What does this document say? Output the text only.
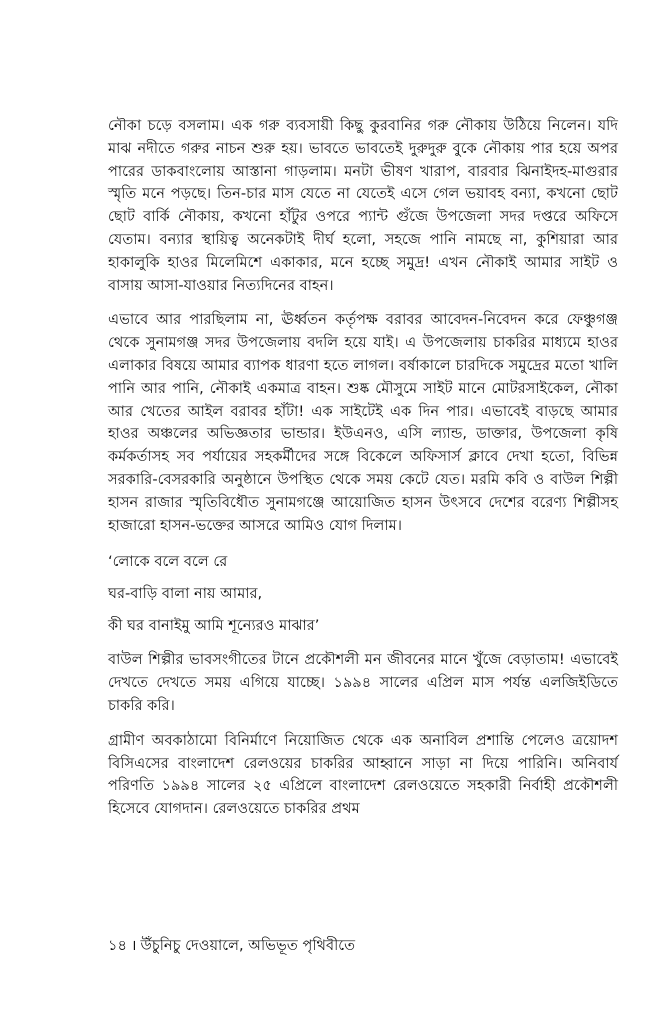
নৌকা চড়ে বসলাম। এক গরু ব্যবসায়ী কিছু কুরবানির গরু নৌকায় উঠিয়ে নিলেন। যদি মাঝ নদীতে গরুর নাচন শুরু হয়। ভাবতে ভাবতেই দুরুদুরু বুকে নৌকায় পার হয়ে অপর পারের ডাকবাংলোয় আস্তানা গাড়লাম। মনটা ভীষণ খারাপ, বারবার ঝিনাইদহ-মাগুরার স্মৃতি মনে পড়ছে। তিন-চার মাস যেতে না যেতেই এসে গেল ভয়াবহ বন্যা, কখনো ছোট ছোট বার্কি নৌকায়, কখনো হাঁটুর ওপরে প্যান্ট গুঁজে উপজেলা সদর দপ্তরে অফিসে যেতাম। বন্যার স্থায়িত্ব অনেকটাই দীর্ঘ হলো, সহজে পানি নামছে না, কুশিয়ারা আর হাকালুকি হাওর মিলেমিশে একাকার, মনে হচ্ছে সমুদ্র! এখন নৌকাই আমার সাইট ও বাসায় আসা-যাওয়ার নিত্যদিনের বাহন।

এভাবে আর পারছিলাম না, ঊর্ধ্বতন কর্তৃপক্ষ বরাবর আবেদন-নিবেদন করে ফেঞ্চুগঞ্জ থেকে সুনামগঞ্জ সদর উপজেলায় বদলি হয়ে যাই। এ উপজেলায় চাকরির মাধ্যমে হাওর এলাকার বিষয়ে আমার ব্যাপক ধারণা হতে লাগল। বর্ষাকালে চারদিকে সমুদ্রের মতো খালি পানি আর পানি, নৌকাই একমাত্র বাহন। শুষ্ক মৌসুমে সাইট মানে মোটরসাইকেল, নৌকা আর খেতের আইল বরাবর হাঁটা! এক সাইটেই এক দিন পার। এভাবেই বাড়ছে আমার হাওর অঞ্চলের অভিজ্ঞতার ভান্ডার। ইউএনও, এসি ল্যান্ড, ডাক্তার, উপজেলা কৃষি কর্মকর্তাসহ সব পর্যায়ের সহকর্মীদের সঙ্গে বিকেলে অফিসার্স ক্লাবে দেখা হতো, বিভিন্ন সরকারি-বেসরকারি অনুষ্ঠানে উপস্থিত থেকে সময় কেটে যেত। মরমি কবি ও বাউল শিল্পী হাসন রাজার স্মৃতিবিধৌত সুনামগঞ্জে আয়োজিত হাসন উৎসবে দেশের বরেণ্য শিল্পীসহ হাজারো হাসন-ভক্তের আসরে আমিও যোগ দিলাম।

‘লোকে বলে বলে রে
ঘর-বাড়ি বালা নায় আমার,
কী ঘর বানাইমু আমি শূন্যেরও মাঝার’

বাউল শিল্পীর ভাবসংগীতের টানে প্রকৌশলী মন জীবনের মানে খুঁজে বেড়াতাম! এভাবেই দেখতে দেখতে সময় এগিয়ে যাচ্ছে। ১৯৯৪ সালের এপ্রিল মাস পর্যন্ত এলজিইডিতে চাকরি করি।

গ্রামীণ অবকাঠামো বিনির্মাণে নিয়োজিত থেকে এক অনাবিল প্রশান্তি পেলেও ত্রয়োদশ বিসিএসের বাংলাদেশ রেলওয়ের চাকরির আহ্বানে সাড়া না দিয়ে পারিনি। অনিবার্য পরিণতি ১৯৯৪ সালের ২৫ এপ্রিলে বাংলাদেশ রেলওয়েতে সহকারী নির্বাহী প্রকৌশলী হিসেবে যোগদান। রেলওয়েতে চাকরির প্রথম

১৪ । উঁচুনিচু দেওয়ালে, অভিভূত পৃথিবীতে
